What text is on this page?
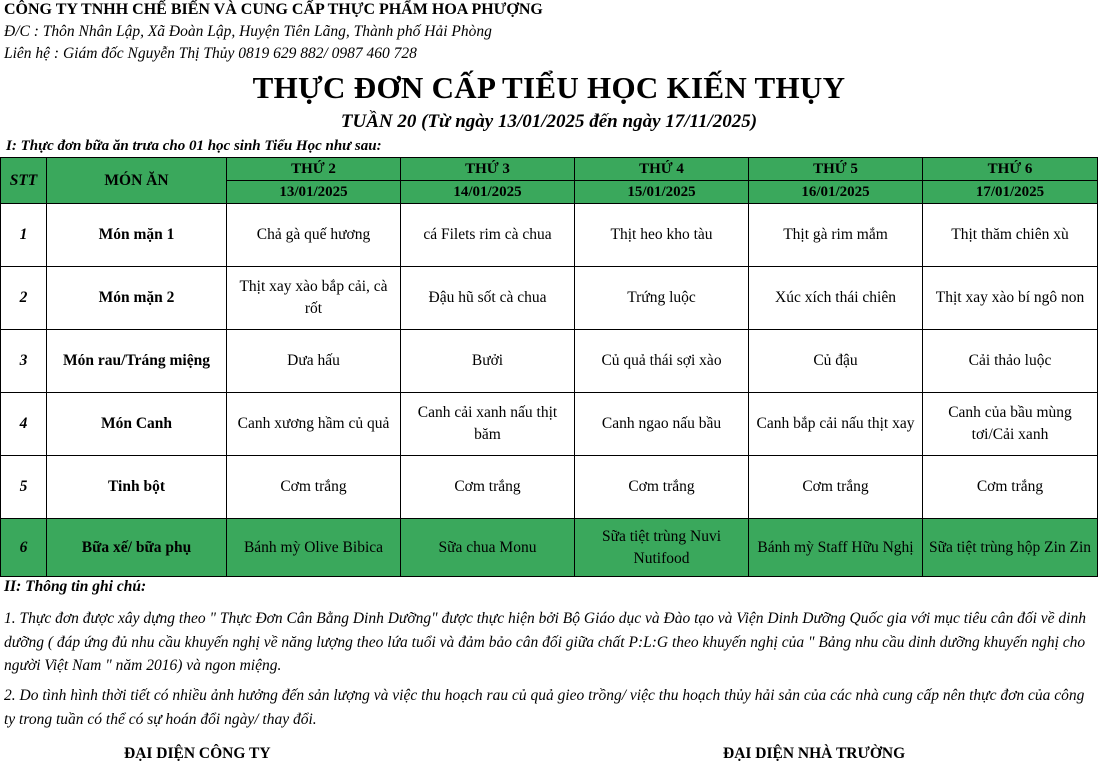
CÔNG TY TNHH CHẾ BIẾN VÀ CUNG CẤP THỰC PHẨM HOA PHƯỢNG
Đ/C : Thôn Nhân Lập, Xã Đoàn Lập, Huyện Tiên Lãng, Thành phố Hải Phòng
Liên hệ : Giám đốc Nguyễn Thị Thủy 0819 629 882/ 0987 460 728
THỰC ĐƠN CẤP TIỂU HỌC KIẾN THỤY
TUẦN 20 (Từ ngày 13/01/2025 đến ngày 17/11/2025)
I: Thực đơn bữa ăn trưa cho 01 học sinh Tiểu Học như sau:
STT	MÓN ĂN	THỨ 2	THỨ 3	THỨ 4	THỨ 5	THỨ 6
		13/01/2025	14/01/2025	15/01/2025	16/01/2025	17/01/2025
1	Món mặn 1	Chả gà quế hương	cá Filets rim cà chua	Thịt heo kho tàu	Thịt gà rim mắm	Thịt thăm chiên xù
2	Món mặn 2	Thịt xay xào bắp cải, cà rốt	Đậu hũ sốt cà chua	Trứng luộc	Xúc xích thái chiên	Thịt xay xào bí ngô non
3	Món rau/Tráng miệng	Dưa hấu	Bưởi	Củ quả thái sợi xào	Củ đậu	Cải thảo luộc
4	Món Canh	Canh xương hầm củ quả	Canh cải xanh nấu thịt băm	Canh ngao nấu bầu	Canh bắp cải nấu thịt xay	Canh của bầu mùng tơi/Cải xanh
5	Tinh bột	Cơm trắng	Cơm trắng	Cơm trắng	Cơm trắng	Cơm trắng
6	Bữa xế/ bữa phụ	Bánh mỳ Olive Bibica	Sữa chua Monu	Sữa tiệt trùng Nuvi Nutifood	Bánh mỳ Staff Hữu Nghị	Sữa tiệt trùng hộp Zin Zin
II: Thông tin ghi chú:
1. Thực đơn được xây dựng theo " Thực Đơn Cân Bằng Dinh Dưỡng" được thực hiện bởi Bộ Giáo dục và Đào tạo và Viện Dinh Dưỡng Quốc gia với mục tiêu cân đối về dinh dưỡng ( đáp ứng đủ nhu cầu khuyến nghị về năng lượng theo lứa tuổi và đảm bảo cân đối giữa chất P:L:G theo khuyến nghị của " Bảng nhu cầu dinh dưỡng khuyến nghị cho người Việt Nam " năm 2016) và ngon miệng.
2. Do tình hình thời tiết có nhiều ảnh hưởng đến sản lượng và việc thu hoạch rau củ quả gieo trồng/ việc thu hoạch thủy hải sản của các nhà cung cấp nên thực đơn của công ty trong tuần có thể có sự hoán đổi ngày/ thay đổi.
ĐẠI DIỆN CÔNG TY	ĐẠI DIỆN NHÀ TRƯỜNG
